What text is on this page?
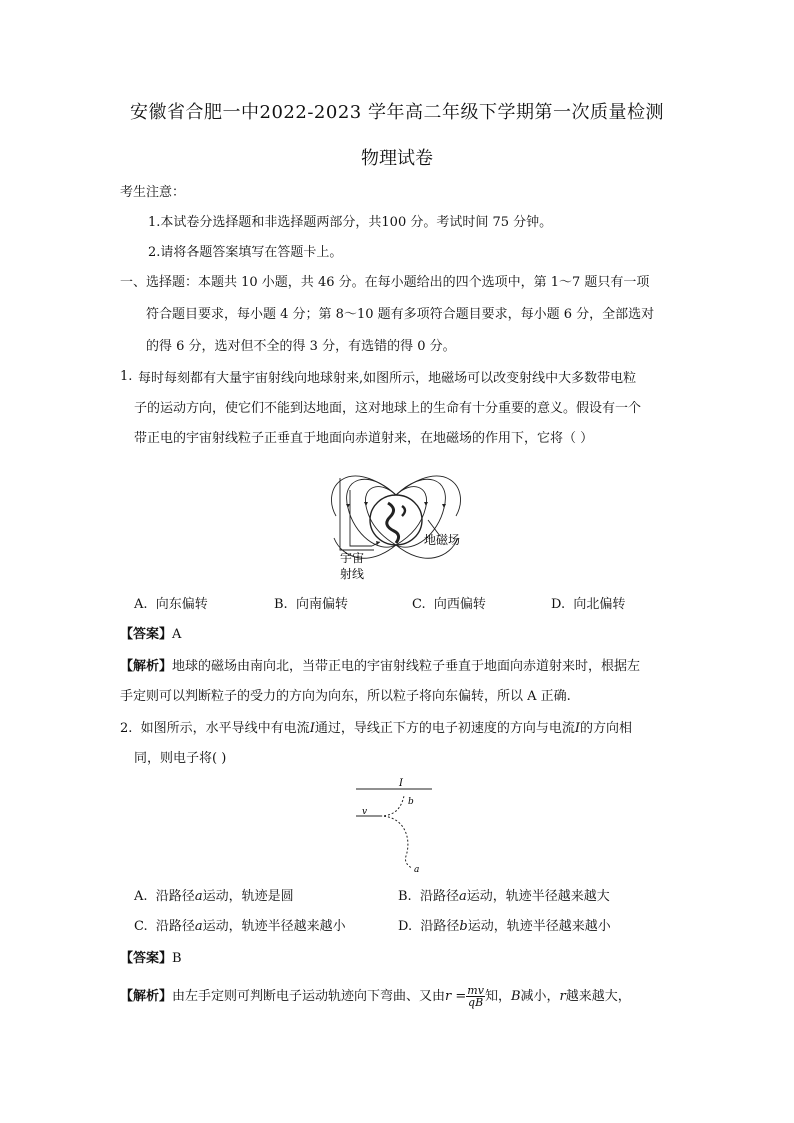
安徽省合肥一中2022-2023 学年高二年级下学期第一次质量检测
物理试卷
考生注意：
1.本试卷分选择题和非选择题两部分，共100 分。考试时间 75 分钟。
2.请将各题答案填写在答题卡上。
一、选择题：本题共 10 小题，共 46 分。在每小题给出的四个选项中，第 1～7 题只有一项
符合题目要求，每小题 4 分；第 8～10 题有多项符合题目要求，每小题 6 分，全部选对
的得 6 分，选对但不全的得 3 分，有选错的得 0 分。
1. 每时每刻都有大量宇宙射线向地球射来,如图所示，地磁场可以改变射线中大多数带电粒
子的运动方向，使它们不能到达地面，这对地球上的生命有十分重要的意义。假设有一个
带正电的宇宙射线粒子正垂直于地面向赤道射来，在地磁场的作用下，它将（ ）
地磁场
宇宙
射线
A. 向东偏转	B. 向南偏转	C. 向西偏转	D. 向北偏转
【答案】A
【解析】地球的磁场由南向北，当带正电的宇宙射线粒子垂直于地面向赤道射来时，根据左
手定则可以判断粒子的受力的方向为向东，所以粒子将向东偏转，所以 A 正确.
2. 如图所示，水平导线中有电流I通过，导线正下方的电子初速度的方向与电流I的方向相
同，则电子将( )
I
b
v
a
A. 沿路径a运动，轨迹是圆	B. 沿路径a运动，轨迹半径越来越大
C. 沿路径a运动，轨迹半径越来越小	D. 沿路径b运动，轨迹半径越来越小
【答案】B
【解析】由左手定则可判断电子运动轨迹向下弯曲、又由$r = \frac{mv}{qB}$ 知，B减小，r越来越大，
